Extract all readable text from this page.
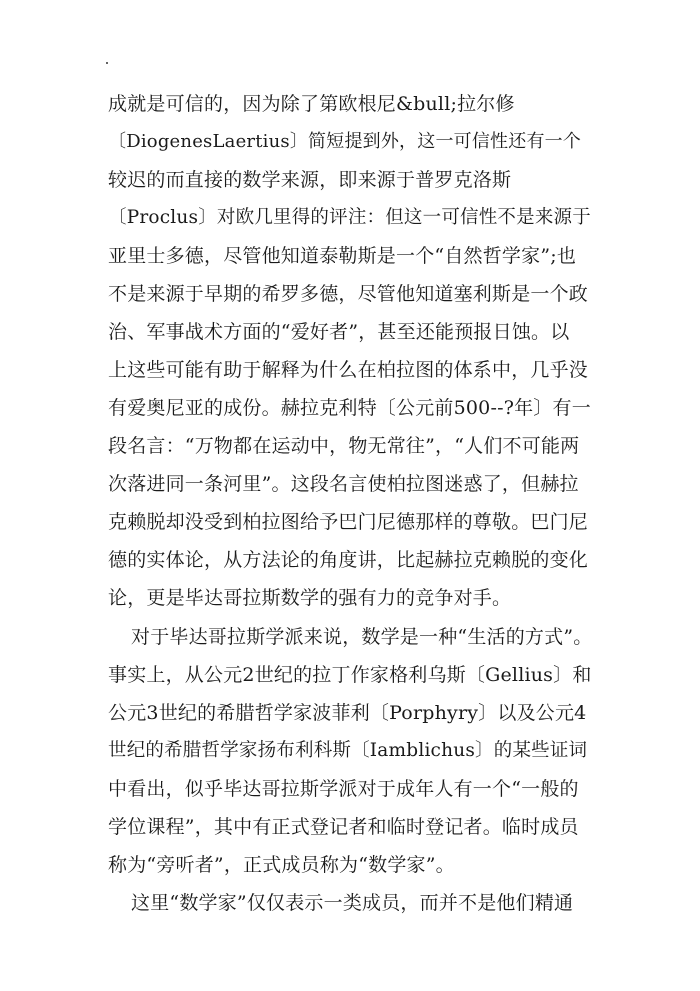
成就是可信的，因为除了第欧根尼&bull;拉尔修
〔DiogenesLaertius〕简短提到外，这一可信性还有一个
较迟的而直接的数学来源，即来源于普罗克洛斯
〔Proclus〕对欧几里得的评注：但这一可信性不是来源于
亚里士多德，尽管他知道泰勒斯是一个“自然哲学家”;也
不是来源于早期的希罗多德，尽管他知道塞利斯是一个政
治、军事战术方面的“爱好者”，甚至还能预报日蚀。以
上这些可能有助于解释为什么在柏拉图的体系中，几乎没
有爱奥尼亚的成份。赫拉克利特〔公元前500--?年〕有一
段名言：“万物都在运动中，物无常往”，“人们不可能两
次落进同一条河里”。这段名言使柏拉图迷惑了，但赫拉
克赖脱却没受到柏拉图给予巴门尼德那样的尊敬。巴门尼
德的实体论，从方法论的角度讲，比起赫拉克赖脱的变化
论，更是毕达哥拉斯数学的强有力的竞争对手。
对于毕达哥拉斯学派来说，数学是一种“生活的方式”。
事实上，从公元2世纪的拉丁作家格利乌斯〔Gellius〕和
公元3世纪的希腊哲学家波菲利〔Porphyry〕以及公元4
世纪的希腊哲学家扬布利科斯〔Iamblichus〕的某些证词
中看出，似乎毕达哥拉斯学派对于成年人有一个“一般的
学位课程”，其中有正式登记者和临时登记者。临时成员
称为“旁听者”，正式成员称为“数学家”。
这里“数学家”仅仅表示一类成员，而并不是他们精通
